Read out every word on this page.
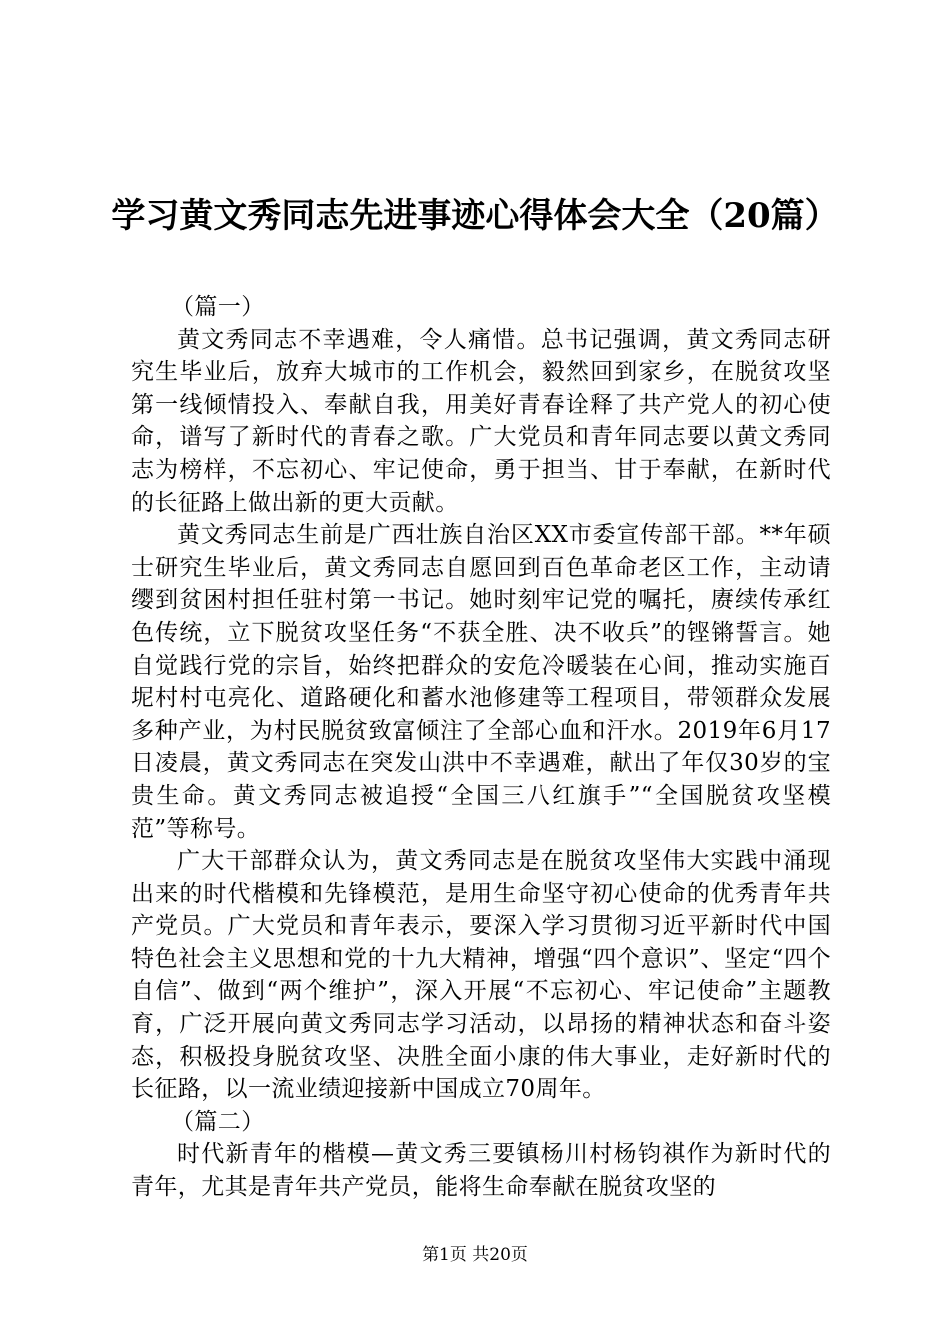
学习黄文秀同志先进事迹心得体会大全（20篇）

（篇一）

黄文秀同志不幸遇难，令人痛惜。总书记强调，黄文秀同志研究生毕业后，放弃大城市的工作机会，毅然回到家乡，在脱贫攻坚第一线倾情投入、奉献自我，用美好青春诠释了共产党人的初心使命，谱写了新时代的青春之歌。广大党员和青年同志要以黄文秀同志为榜样，不忘初心、牢记使命，勇于担当、甘于奉献，在新时代的长征路上做出新的更大贡献。

黄文秀同志生前是广西壮族自治区XX市委宣传部干部。**年硕士研究生毕业后，黄文秀同志自愿回到百色革命老区工作，主动请缨到贫困村担任驻村第一书记。她时刻牢记党的嘱托，赓续传承红色传统，立下脱贫攻坚任务“不获全胜、决不收兵”的铿锵誓言。她自觉践行党的宗旨，始终把群众的安危冷暖装在心间，推动实施百坭村村屯亮化、道路硬化和蓄水池修建等工程项目，带领群众发展多种产业，为村民脱贫致富倾注了全部心血和汗水。2019年6月17日凌晨，黄文秀同志在突发山洪中不幸遇难，献出了年仅30岁的宝贵生命。黄文秀同志被追授“全国三八红旗手”“全国脱贫攻坚模范”等称号。

广大干部群众认为，黄文秀同志是在脱贫攻坚伟大实践中涌现出来的时代楷模和先锋模范，是用生命坚守初心使命的优秀青年共产党员。广大党员和青年表示，要深入学习贯彻习近平新时代中国特色社会主义思想和党的十九大精神，增强“四个意识”、坚定“四个自信”、做到“两个维护”，深入开展“不忘初心、牢记使命”主题教育，广泛开展向黄文秀同志学习活动，以昂扬的精神状态和奋斗姿态，积极投身脱贫攻坚、决胜全面小康的伟大事业，走好新时代的长征路，以一流业绩迎接新中国成立70周年。

（篇二）

时代新青年的楷模—黄文秀三要镇杨川村杨钧祺作为新时代的青年，尤其是青年共产党员，能将生命奉献在脱贫攻坚的

第1页 共20页
